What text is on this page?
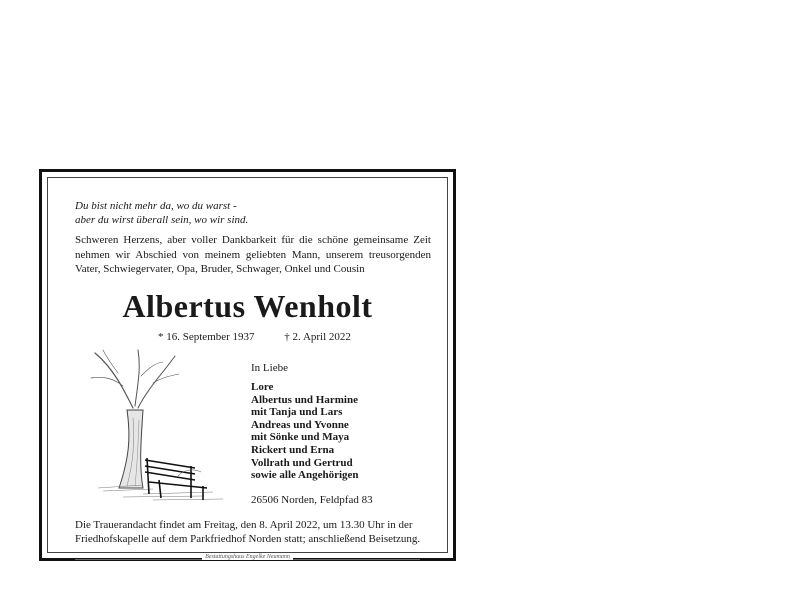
Du bist nicht mehr da, wo du warst -
aber du wirst überall sein, wo wir sind.
Schweren Herzens, aber voller Dankbarkeit für die schöne gemeinsame Zeit nehmen wir Abschied von meinem geliebten Mann, unserem treusorgenden Vater, Schwiegervater, Opa, Bruder, Schwager, Onkel und Cousin
Albertus Wenholt
* 16. September 1937	† 2. April 2022
In Liebe
Lore
Albertus und Harmine
mit Tanja und Lars
Andreas und Yvonne
mit Sönke und Maya
Rickert und Erna
Vollrath und Gertrud
sowie alle Angehörigen
26506 Norden, Feldpfad 83
Die Trauerandacht findet am Freitag, den 8. April 2022, um 13.30 Uhr in der
Friedhofskapelle auf dem Parkfriedhof Norden statt; anschließend Beisetzung.
Bestattungshaus Engelke Neumann
